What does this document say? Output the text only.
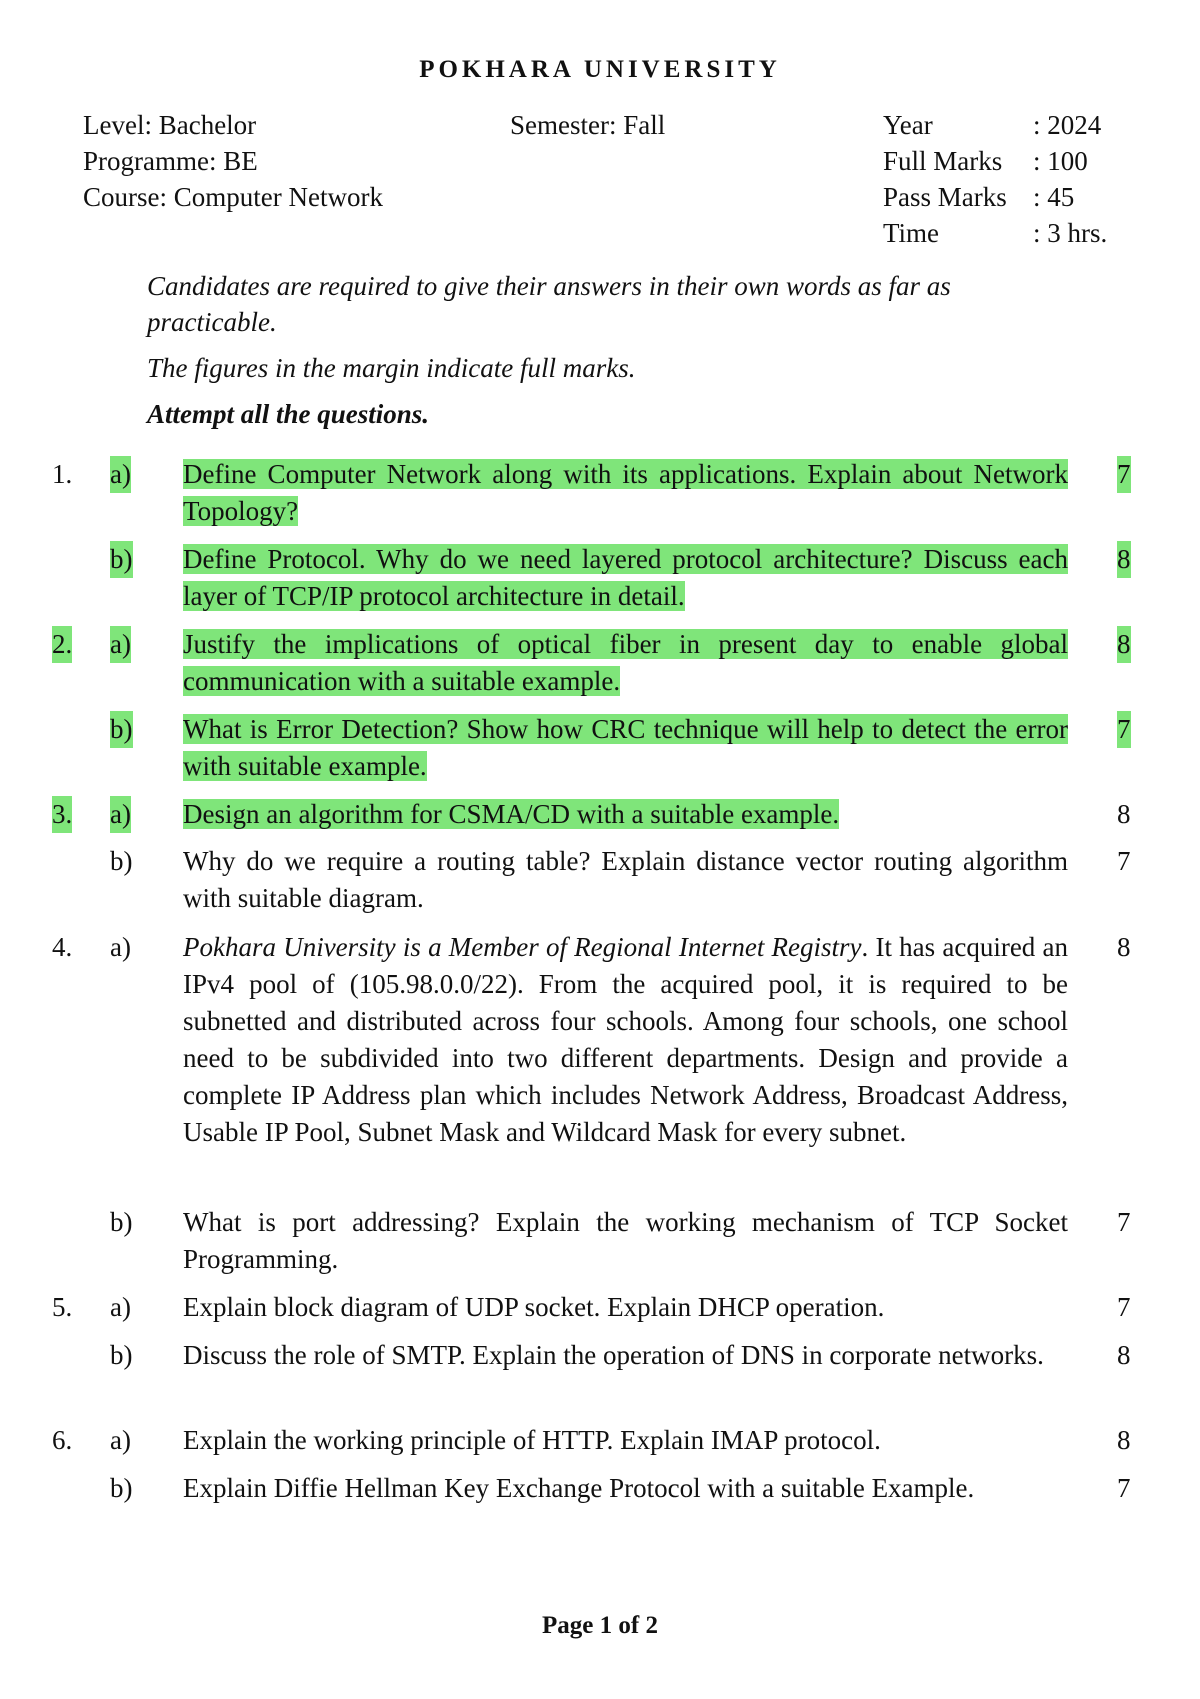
POKHARA UNIVERSITY
Level: Bachelor
Programme: BE
Course: Computer Network
Semester: Fall	Year	: 2024
Full Marks	: 100
Pass Marks : 45
Time	: 3 hrs.
Candidates are required to give their answers in their own words as far as practicable.
The figures in the margin indicate full marks.
Attempt all the questions.
1. a) Define Computer Network along with its applications. Explain about Network Topology?
7
b) Define Protocol. Why do we need layered protocol architecture? Discuss each layer of TCP/IP protocol architecture in detail.
8
2. a) Justify the implications of optical fiber in present day to enable global communication with a suitable example.
8
b) What is Error Detection? Show how CRC technique will help to detect the error with suitable example.
7
3. a) Design an algorithm for CSMA/CD with a suitable example.	8
b) Why do we require a routing table? Explain distance vector routing algorithm with suitable diagram.
7
4. a) Pokhara University is a Member of Regional Internet Registry. It has acquired an IPv4 pool of (105.98.0.0/22). From the acquired pool, it is required to be subnetted and distributed across four schools. Among four schools, one school need to be subdivided into two different departments. Design and provide a complete IP Address plan which includes Network Address, Broadcast Address, Usable IP Pool, Subnet Mask and Wildcard Mask for every subnet.
8
b) What is port addressing? Explain the working mechanism of TCP Socket Programming.
7
5. a) Explain block diagram of UDP socket. Explain DHCP operation.	7
b) Discuss the role of SMTP. Explain the operation of DNS in corporate networks.	8
6. a) Explain the working principle of HTTP. Explain IMAP protocol.	8
b) Explain Diffie Hellman Key Exchange Protocol with a suitable Example.	7
Page 1 of 2
